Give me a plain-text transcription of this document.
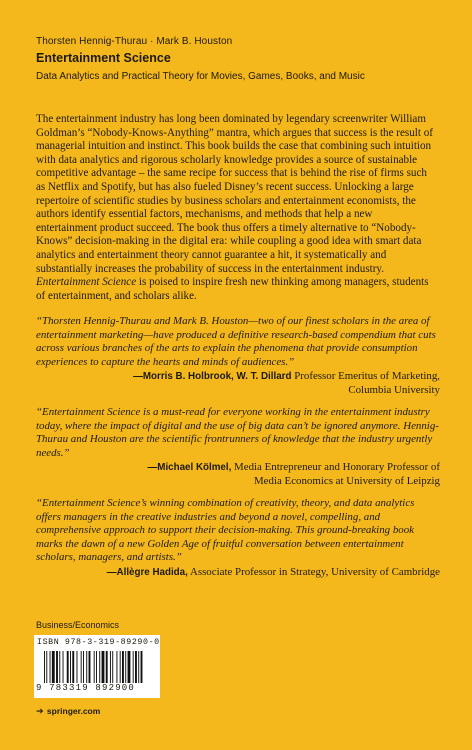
Thorsten Hennig-Thurau · Mark B. Houston
Entertainment Science
Data Analytics and Practical Theory for Movies, Games, Books, and Music

The entertainment industry has long been dominated by legendary screenwriter William Goldman’s “Nobody-Knows-Anything” mantra, which argues that success is the result of managerial intuition and instinct. This book builds the case that combining such intuition with data analytics and rigorous scholarly knowledge provides a source of sustainable competitive advantage – the same recipe for success that is behind the rise of firms such as Netflix and Spotify, but has also fueled Disney’s recent success. Unlocking a large repertoire of scientific studies by business scholars and entertainment economists, the authors identify essential factors, mechanisms, and methods that help a new entertainment product succeed. The book thus offers a timely alternative to “Nobody-Knows” decision-making in the digital era: while coupling a good idea with smart data analytics and entertainment theory cannot guarantee a hit, it systematically and substantially increases the probability of success in the entertainment industry. Entertainment Science is poised to inspire fresh new thinking among managers, students of entertainment, and scholars alike.

“Thorsten Hennig-Thurau and Mark B. Houston—two of our finest scholars in the area of entertainment marketing—have produced a definitive research-based compendium that cuts across various branches of the arts to explain the phenomena that provide consumption experiences to capture the hearts and minds of audiences.”

—Morris B. Holbrook, W. T. Dillard Professor Emeritus of Marketing,
Columbia University

“Entertainment Science is a must-read for everyone working in the entertainment industry today, where the impact of digital and the use of big data can’t be ignored anymore. Hennig-Thurau and Houston are the scientific frontrunners of knowledge that the industry urgently needs.”

—Michael Kölmel, Media Entrepreneur and Honorary Professor of
Media Economics at University of Leipzig

“Entertainment Science’s winning combination of creativity, theory, and data analytics offers managers in the creative industries and beyond a novel, compelling, and comprehensive approach to support their decision-making. This ground-breaking book marks the dawn of a new Golden Age of fruitful conversation between entertainment scholars, managers, and artists.”

—Allègre Hadida, Associate Professor in Strategy, University of Cambridge
Business/Economics
ISBN 978-3-319-89290-0
9 783319 892900
➔ springer.com
